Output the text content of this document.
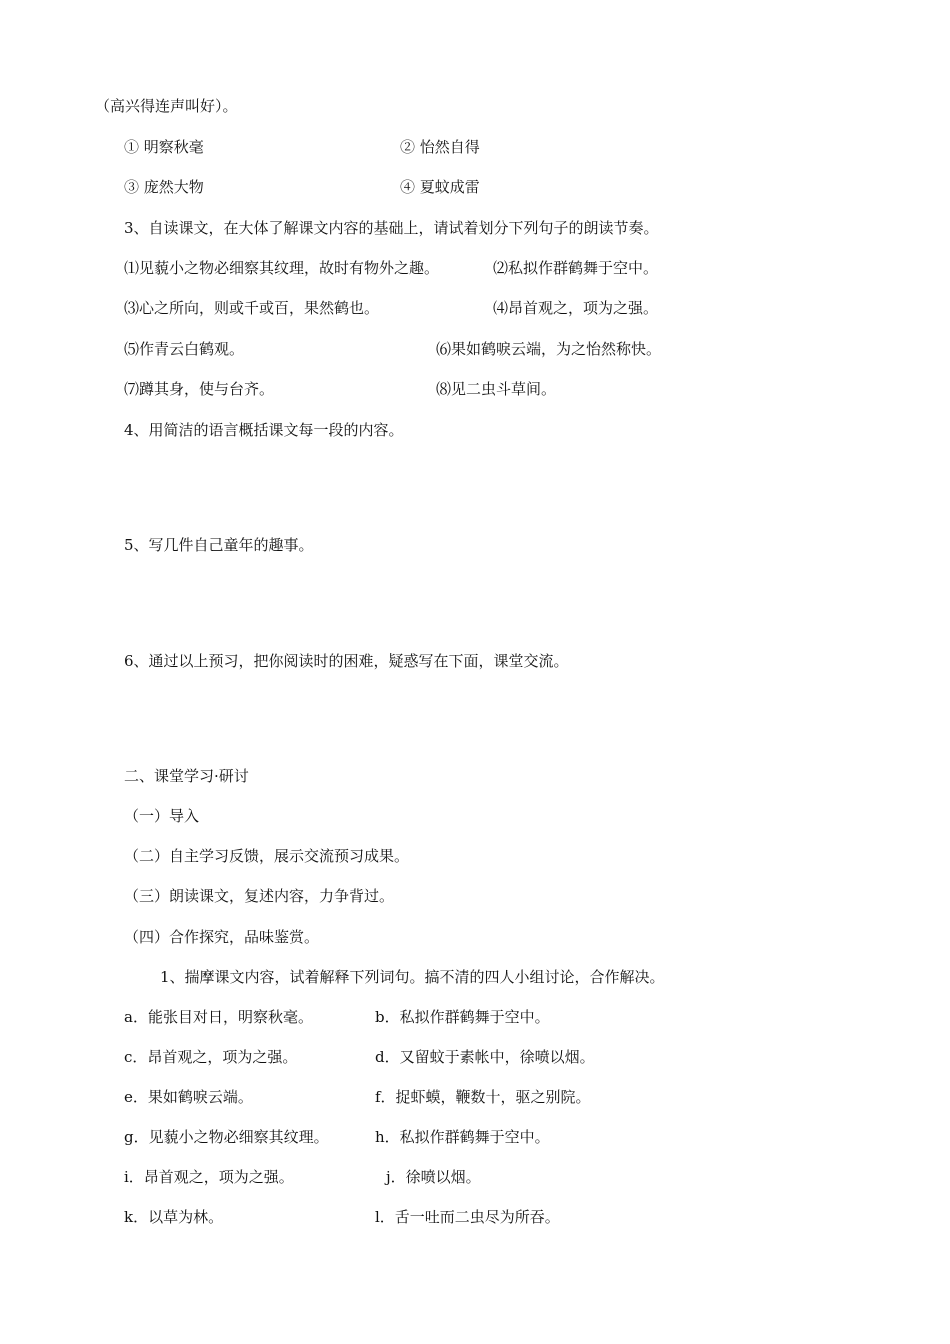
（高兴得连声叫好）。
① 明察秋毫	② 怡然自得
③ 庞然大物	④ 夏蚊成雷
3、自读课文，在大体了解课文内容的基础上，请试着划分下列句子的朗读节奏。
⑴见藐小之物必细察其纹理，故时有物外之趣。	⑵私拟作群鹤舞于空中。
⑶心之所向，则或千或百，果然鹤也。	⑷昂首观之，项为之强。
⑸作青云白鹤观。	⑹果如鹤唳云端，为之怡然称快。
⑺蹲其身，使与台齐。	⑻见二虫斗草间。
4、用简洁的语言概括课文每一段的内容。
5、写几件自己童年的趣事。
6、通过以上预习，把你阅读时的困难，疑惑写在下面，课堂交流。
二、课堂学习·研讨
（一）导入
（二）自主学习反馈，展示交流预习成果。
（三）朗读课文，复述内容，力争背过。
（四）合作探究，品味鉴赏。
1、揣摩课文内容，试着解释下列词句。搞不清的四人小组讨论，合作解决。
a．能张目对日，明察秋毫。	b．私拟作群鹤舞于空中。
c．昂首观之，项为之强。	d．又留蚊于素帐中，徐喷以烟。
e．果如鹤唳云端。	f．捉虾蟆，鞭数十，驱之别院。
g．见藐小之物必细察其纹理。	h．私拟作群鹤舞于空中。
i．昂首观之，项为之强。	j．徐喷以烟。
k．以草为林。	l．舌一吐而二虫尽为所吞。
